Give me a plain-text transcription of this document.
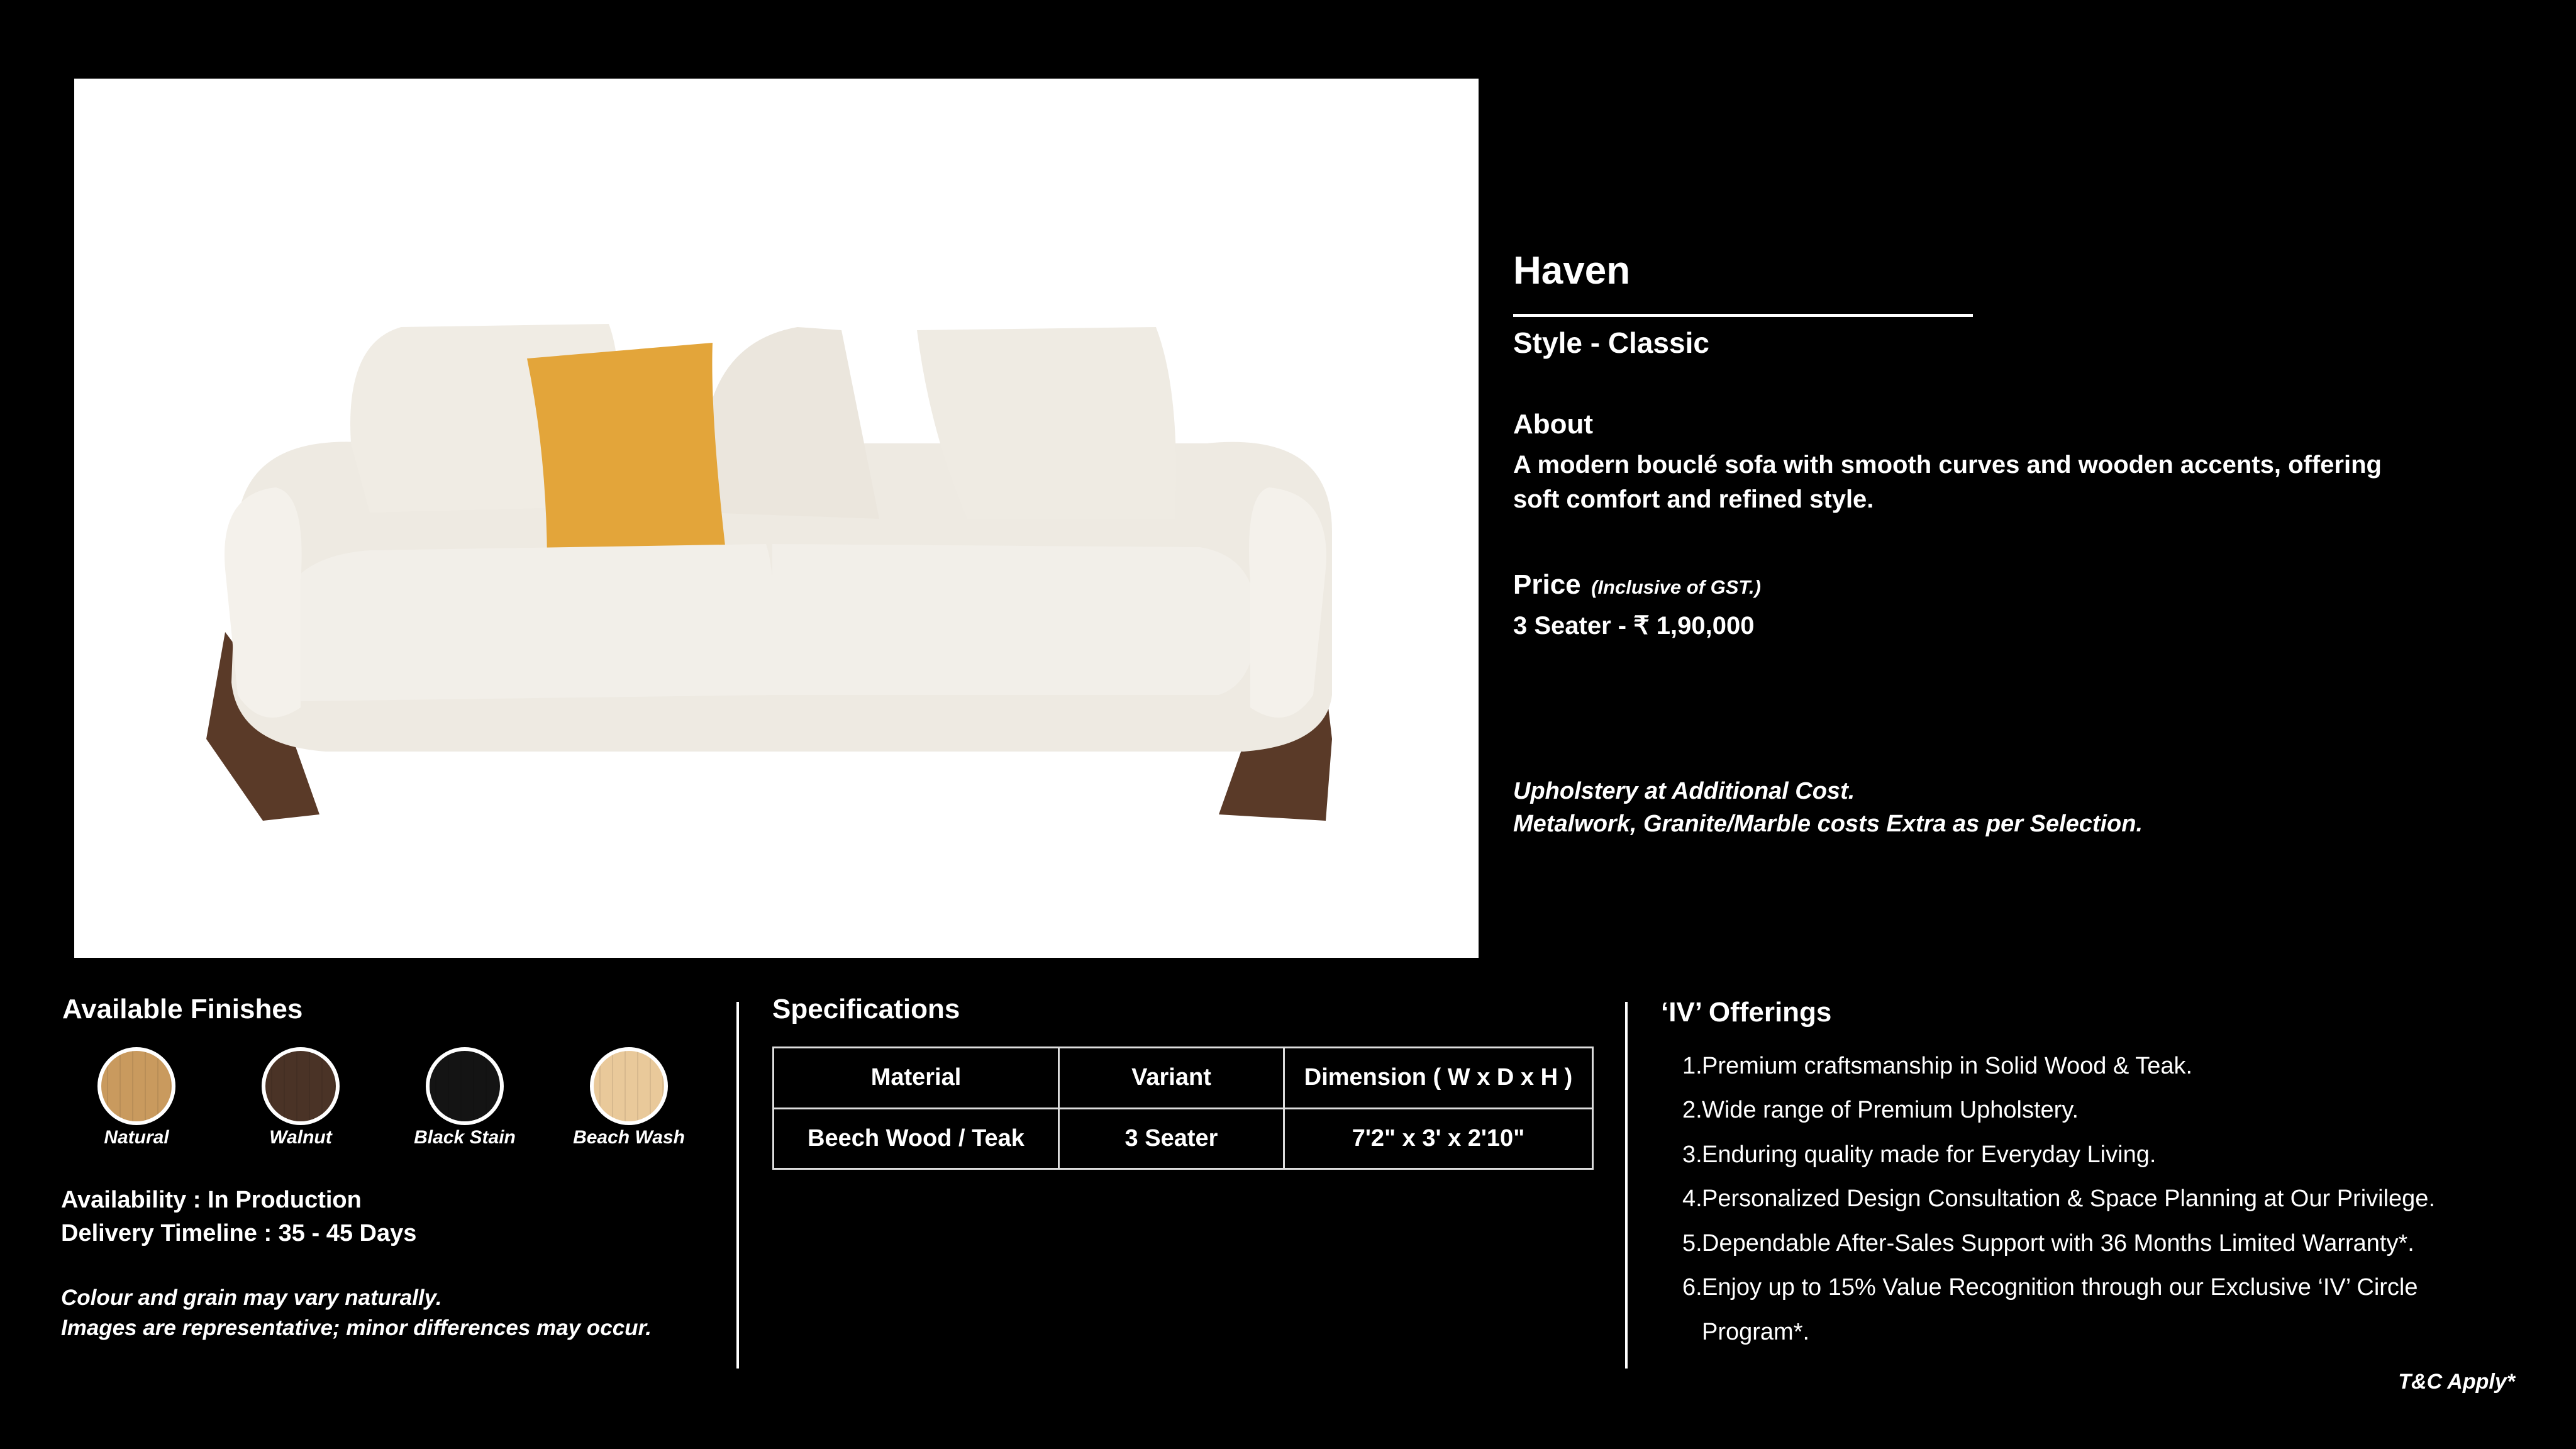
Haven
Style - Classic
About
A modern bouclé sofa with smooth curves and wooden accents, offering
soft comfort and refined style.
Price (Inclusive of GST.)
3 Seater - ₹ 1,90,000
Upholstery at Additional Cost.
Metalwork, Granite/Marble costs Extra as per Selection.
Available Finishes
Natural	Walnut	Black Stain	Beach Wash
Availability : In Production
Delivery Timeline : 35 - 45 Days
Colour and grain may vary naturally.
Images are representative; minor differences may occur.
Specifications
Material	Variant	Dimension ( W x D x H )
Beech Wood / Teak	3 Seater	7'2" x 3' x 2'10"
‘IV’ Offerings
1. Premium craftsmanship in Solid Wood & Teak.
2. Wide range of Premium Upholstery.
3. Enduring quality made for Everyday Living.
4. Personalized Design Consultation & Space Planning at Our Privilege.
5. Dependable After-Sales Support with 36 Months Limited Warranty*.
6. Enjoy up to 15% Value Recognition through our Exclusive ‘IV’ Circle
Program*.
T&C Apply*
